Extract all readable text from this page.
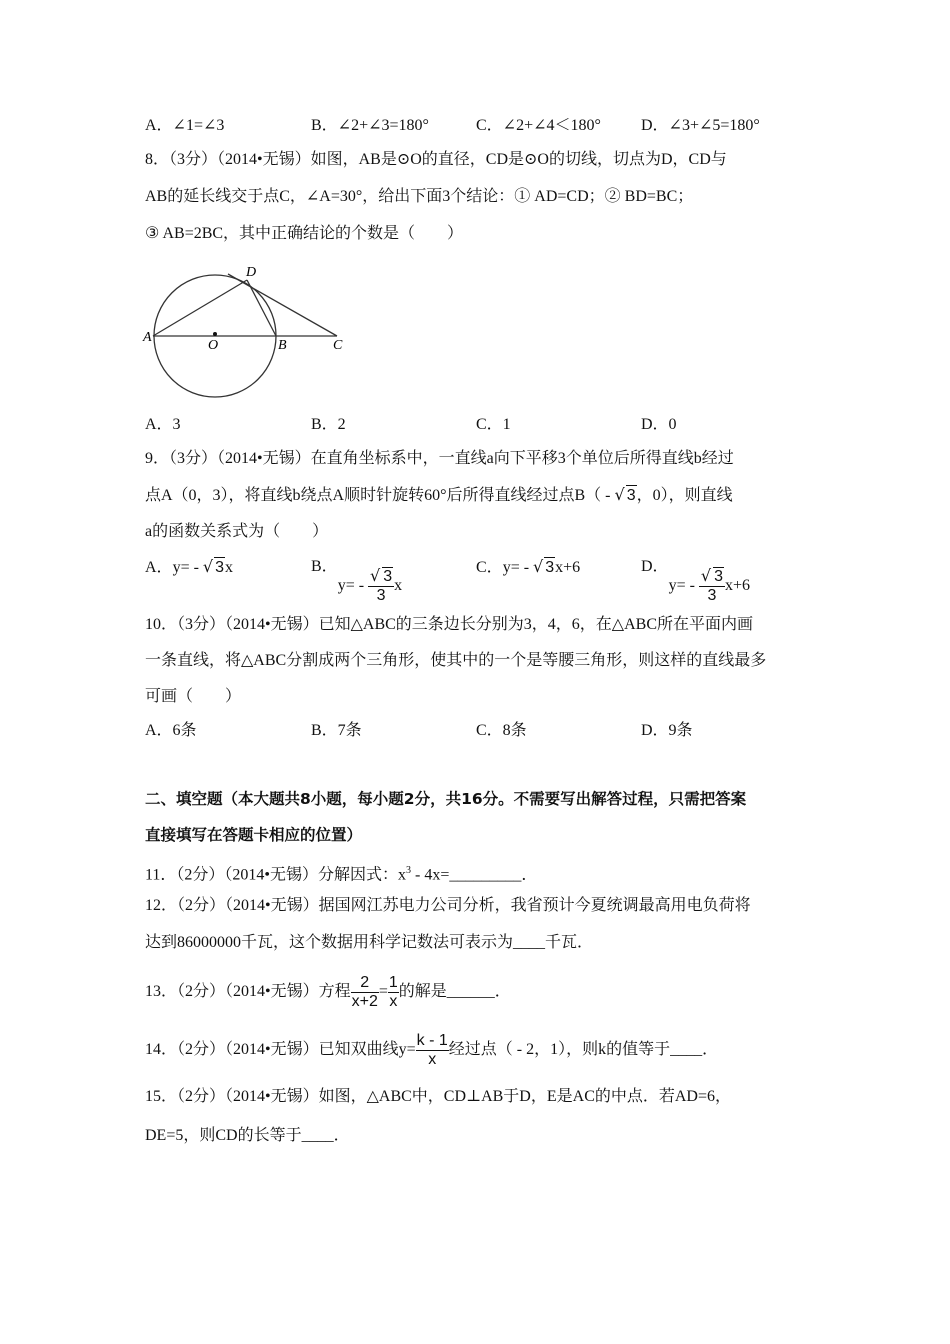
A．∠1=∠3	B．∠2+∠3=180°	C．∠2+∠4＜180°	D．∠3+∠5=180°
8．（3分）（2014•无锡）如图，AB是⊙O的直径，CD是⊙O的切线，切点为D，CD与
AB的延长线交于点C，∠A=30°，给出下面3个结论：① AD=CD；② BD=BC；
③ AB=2BC，其中正确结论的个数是（　　）
A
O	B	C
D
A．3	B．2	C．1	D．0
9．（3分）（2014•无锡）在直角坐标系中，一直线a向下平移3个单位后所得直线b经过
点A（0，3），将直线b绕点A顺时针旋转60°后所得直线经过点B（ - √ 3，0），则直线
a的函数关系式为（　　）
A．y= - √ 3x	B．$y= - \frac{√ 3}{3}$ x
C．y= - √ 3x+6	D．$y= - \frac{√ 3}{3} x+6$
10．（3分）（2014•无锡）已知△ABC的三条边长分别为3，4，6，在△ABC所在平面内画
一条直线，将△ABC分割成两个三角形，使其中的一个是等腰三角形，则这样的直线最多
可画（　　）
A．6条	B．7条	C．8条	D．9条
二、填空题（本大题共8小题，每小题2分，共16分。不需要写出解答过程，只需把答案
直接填写在答题卡相应的位置）
11．（2分）（2014•无锡）分解因式：$x^3$ - 4x=_________．
12．（2分）（2014•无锡）据国网江苏电力公司分析，我省预计今夏统调最高用电负荷将
达到86000000千瓦，这个数据用科学记数法可表示为____千瓦．
13．（2分）（2014•无锡）方程 $\frac{2}{x+2} = \frac{1}{x}$ 的解是______．
14．（2分）（2014•无锡）已知双曲线$y= \frac{k - 1}{x}$ 经过点（ - 2，1），则k的值等于____．
15．（2分）（2014•无锡）如图，△ABC中，CD⊥AB于D，E是AC的中点．若AD=6，
DE=5，则CD的长等于____．
